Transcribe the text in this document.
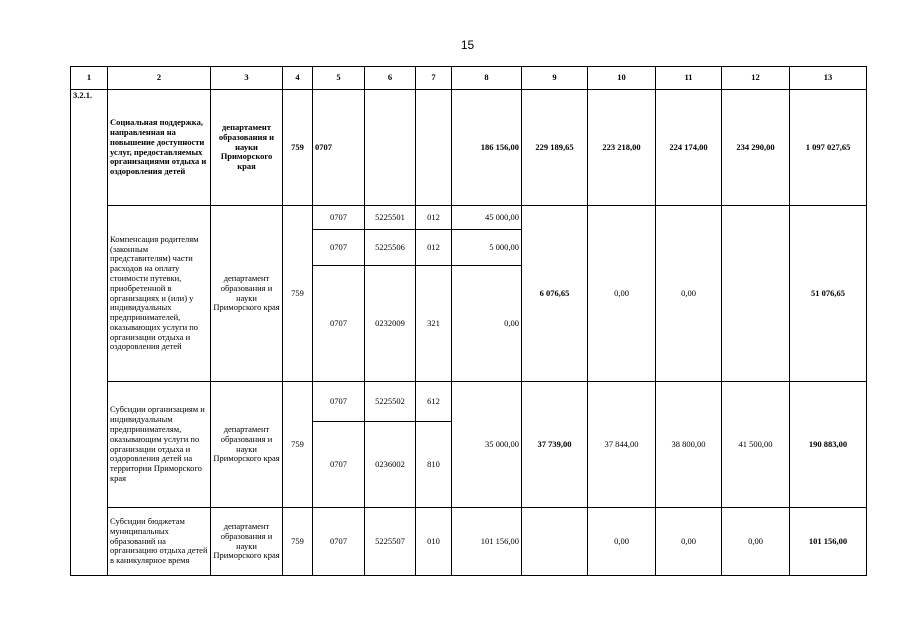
15
1	2	3	4	5	6	7	8	9	10	11	12	13
3.2.1.	Социальная поддержка, направленная на повышение доступности услуг, предоставляемых организациями отдыха и оздоровления детей	департамент образования и науки Приморского края	759	0707			186 156,00	229 189,65	223 218,00	224 174,00	234 290,00	1 097 027,65
	Компенсация родителям (законным представителям) части расходов на оплату стоимости путевки, приобретенной в организациях и (или) у индивидуальных предпринимателей, оказывающих услуги по организации отдыха и оздоровления детей	департамент образования и науки Приморского края	759	0707	5225501	012	45 000,00	6 076,65	0,00	0,00		51 076,65
				0707	5225506	012	5 000,00					
				0707	0232009	321	0,00					
	Субсидии организациям и индивидуальным предпринимателям, оказывающим услуги по организации отдыха и оздоровления детей на территории Приморского края	департамент образования и науки Приморского края	759	0707	5225502	612	35 000,00	37 739,00	37 844,00	38 800,00	41 500,00	190 883,00
				0707	0236002	810						
	Субсидии бюджетам муниципальных образований на организацию отдыха детей в каникулярное время	департамент образования и науки Приморского края	759	0707	5225507	010	101 156,00		0,00	0,00	0,00	101 156,00
